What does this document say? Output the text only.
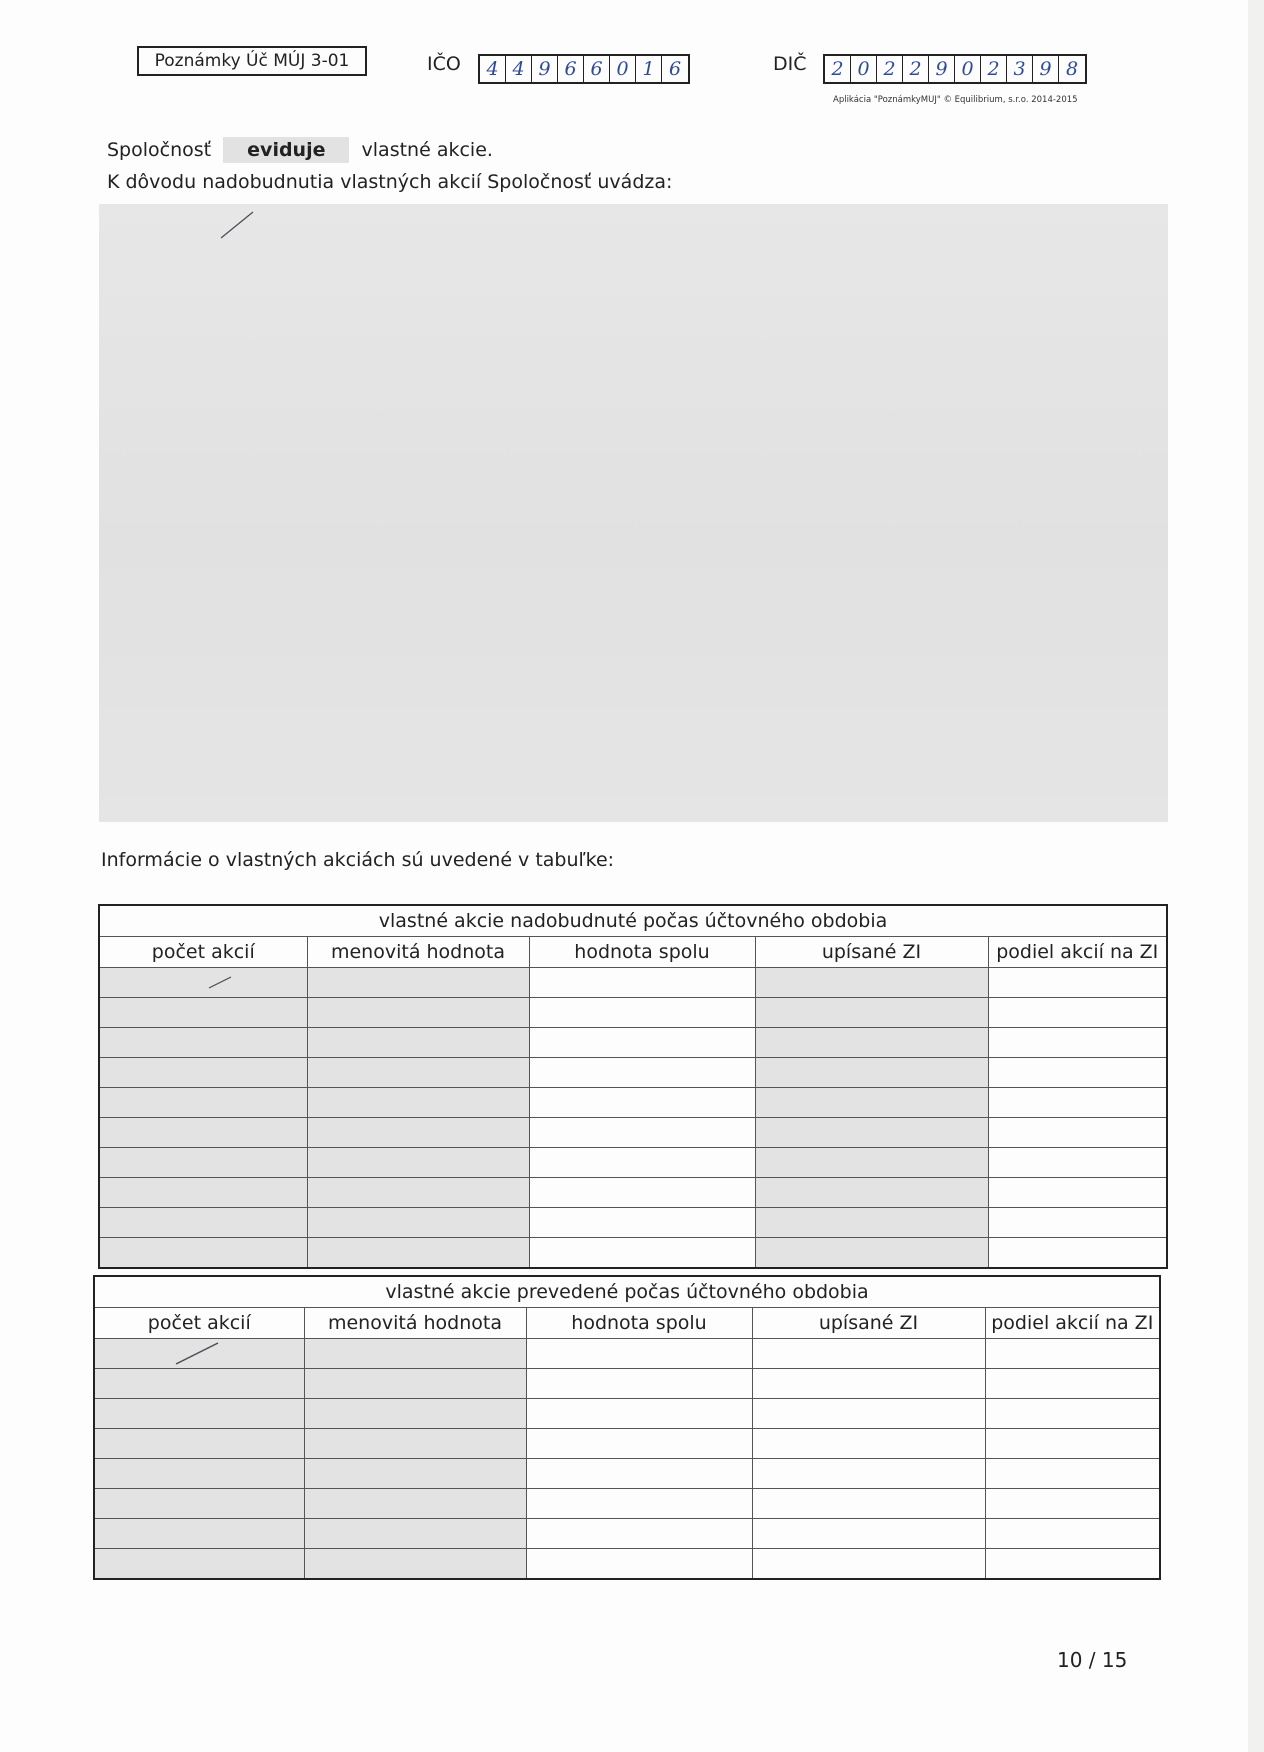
Poznámky Úč MÚJ 3-01	IČO	4 4 9 6 6 0 1 6	DIČ	2 0 2 2 9 0 2 3 9 8
Aplikácia "PoznámkyMUJ" © Equilibrium, s.r.o. 2014-2015
Spoločnosť eviduje vlastné akcie.
K dôvodu nadobudnutia vlastných akcií Spoločnosť uvádza:
Informácie o vlastných akciách sú uvedené v tabuľke:
vlastné akcie nadobudnuté počas účtovného obdobia				
počet akcií	menovitá hodnota	hodnota spolu	upísané ZI	podiel akcií na ZI

vlastné akcie prevedené počas účtovného obdobia				
počet akcií	menovitá hodnota	hodnota spolu	upísané ZI	podiel akcií na ZI

10 / 15
